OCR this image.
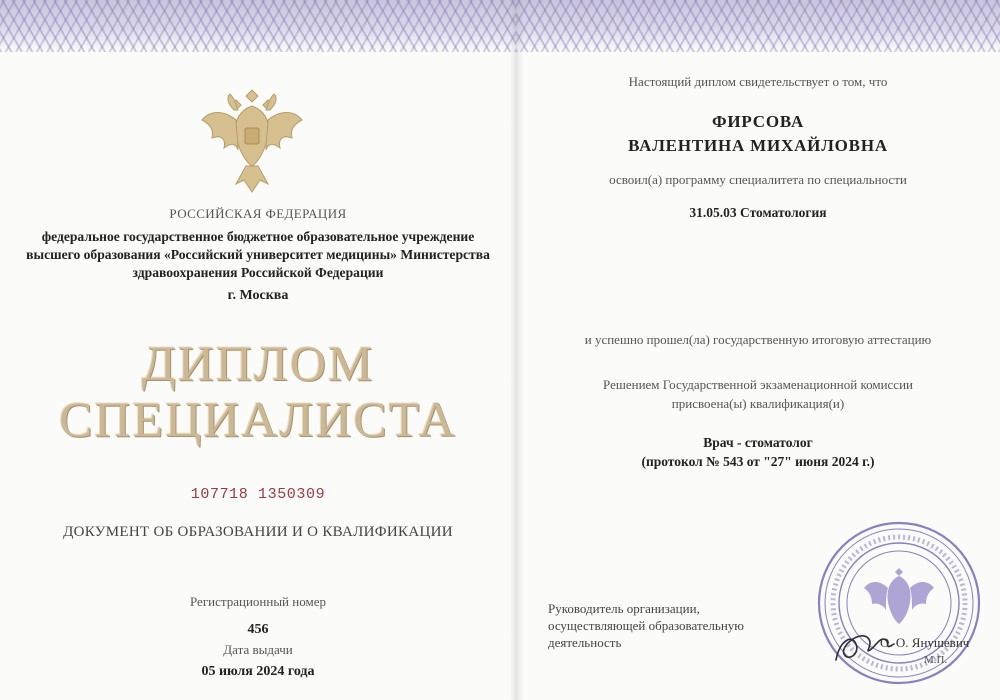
РОССИЙСКАЯ ФЕДЕРАЦИЯ
федеральное государственное бюджетное образовательное учреждение высшего образования «Российский университет медицины» Министерства здравоохранения Российской Федерации
г. Москва
ДИПЛОМ
СПЕЦИАЛИСТА
107718 1350309
ДОКУМЕНТ ОБ ОБРАЗОВАНИИ И О КВАЛИФИКАЦИИ
Регистрационный номер
456
Дата выдачи
05 июля 2024 года
Настоящий диплом свидетельствует о том, что
ФИРСОВА
ВАЛЕНТИНА МИХАЙЛОВНА
освоил(а) программу специалитета по специальности
31.05.03 Стоматология
и успешно прошел(ла) государственную итоговую аттестацию
Решением Государственной экзаменационной комиссии
присвоена(ы) квалификация(и)
Врач - стоматолог
(протокол № 543 от "27" июня 2024 г.)
Руководитель организации, осуществляющей образовательную деятельность	О. О. Янушевич
М.П.
